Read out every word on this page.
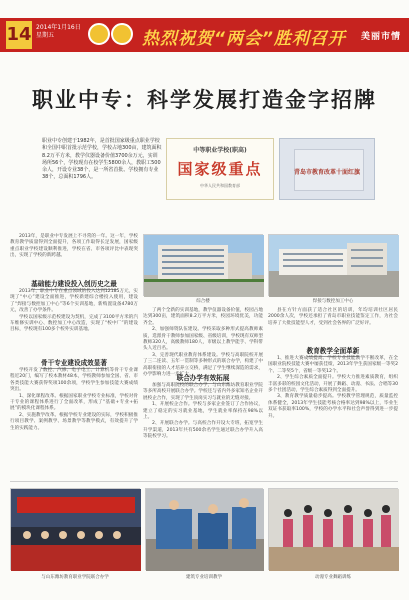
14 2014年1月16日
星期五	热烈祝贺“两会”胜利召开 美丽市情
职业中专：科学发展打造金字招牌
职业中专创建于1982年，是首批国家级重点职业学校和全国中职首批示范学校，学校占地300亩，建筑面积8.2万平方米，教学仪器设备价值3700余万元，实训场所56个，学校现有在校学生5800余人，教职工500余人，开设专业38个，是一所省首批、学校拥有专业38个，总面积1796人。
中等职业学校(职高)
国家级重点
中华人民共和国教育部
青岛市教育改革十面红旗

2013年，是职业中专发展上不寻常的一年。这一年，学校教育教学质量得到全面提升，各项工作取得长足发展，国家级重点职业学校建设顺利推进，学校在省、市各项评比中表现突出，实现了学校的新跨越。

基础能力建设投入创历史之最

2013年，职业中专在重点领域的投入达到12185万元，实现了“中心”建设全面推进，学校新建综合楼投入使用，建设了“焊接与数控加工中心”等6个实训基地，新购置设备4780万元，改善了办学条件。

学校以国家级示范校建设为契机，完成了3100平方米的汽车维修实训中心、数控加工中心改造，实现了“校中厂”的建设目标，学校现有100多个校外实训基地。

骨干专业建设成效显著

学校开发了数控、汽修、电子电工、计算机等骨干专业课程近20门，编写了校本教材48本，学校教师参加全国、省、市各类技能大赛获得奖项100余项，学校学生参加技能大赛成绩突出。

1、深化课程改革。根据国家职业学校专业标准，学校对骨干专业的课程体系进行了全面改革，形成了“基础+专业+拓展”的模块化课程体系。

2、实施教学改革。根据学校专业建设的实际，学校积极推行项目教学、案例教学、场景教学等教学模式，有效提升了学生的实践能力。

综合楼	焊接与数控加工中心

了两个全新的实训基地，教学仪器设备价值，校园占地达到300亩，建筑面积8.2万平方米，校园环境优美，功能齐全。

2、加强师资队伍建设。学校采取多种形式提高教师素质，选派骨干教师参加国家级、省级培训，学校现有双师型教师320人，高级教师180人，市级以上教学能手、学科带头人近百名。

3、完善现代职业教育体系建设。学校与高职院校开展了三二连读、五年一贯制等多种形式的联合办学，构建了中高职衔接的人才培养立交桥，满足了学生继续深造的需求，办学影响力进一步扩大。

联合办学有效拓展

加强与高职院校的联合办学，与山东潍坊教育职业学院等多所高校开展联合办学。学校还与省内外多家知名企业开展校企合作，实现了学生顶岗实习与就业的无缝对接。

1、开展校企合作。学校与多家企业签订了合作协议，建立了稳定的实习就业基地，学生就业率保持在98%以上。

2、开展联合办学。与高校合作开设大专班，拓宽学生升学渠道，2013年共有500余名学生通过联合办学升入高等院校学习。

县在方针方面获了适合社区的培训，年均培训社区居民2000余人次，学校还承担了青岛市职业技能鉴定工作，为社会培养了大批技能型人才，受到社会各界的广泛好评。

教育教学全面革新

1、推进大赛成绩提高。学校专业技能教学不断改革，在全国职业院校技能大赛中屡获佳绩，2013年学生获国家级一等奖2个、二等奖5个，省级一等奖12个。

2、学生综合素质全面提升。学校大力推进素质教育，组织丰富多彩的校园文化活动，开展了舞蹈、动漫、书法、合唱等30多个社团活动，学生综合素质得到全面提升。

3、教育教学质量稳步提高。学校教学管理规范，质量监控体系健全，2013年学生技能考核合格率达到98%以上，毕业生双证书获取率100%，学校的办学水平和社会声誉得到进一步提升。

与山东潍坊教育职业学院联合办学	建筑专业培训教学	动漫专业舞蹈训练
